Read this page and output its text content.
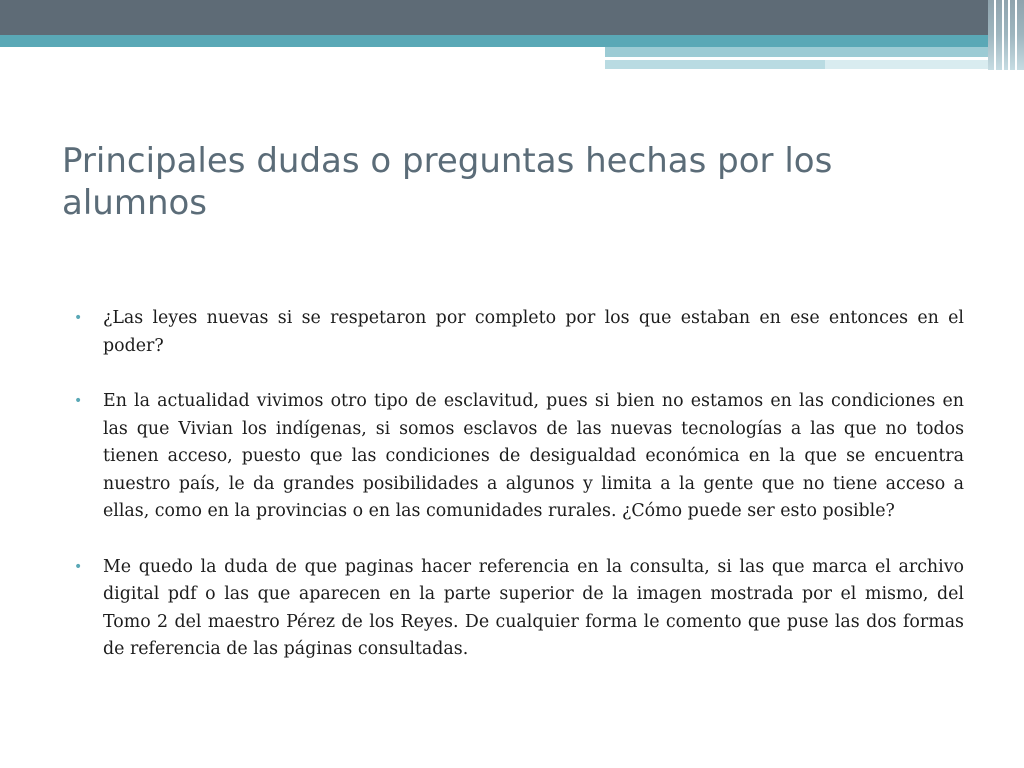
Principales dudas o preguntas hechas por los alumnos
• ¿Las leyes nuevas si se respetaron por completo por los que estaban en ese entonces en el poder?
• En la actualidad vivimos otro tipo de esclavitud, pues si bien no estamos en las condiciones en las que Vivian los indígenas, si somos esclavos de las nuevas tecnologías a las que no todos tienen acceso, puesto que las condiciones de desigualdad económica en la que se encuentra nuestro país, le da grandes posibilidades a algunos y limita a la gente que no tiene acceso a ellas, como en la provincias o en las comunidades rurales. ¿Cómo puede ser esto posible?
• Me quedo la duda de que paginas hacer referencia en la consulta, si las que marca el archivo digital pdf o las que aparecen en la parte superior de la imagen mostrada por el mismo, del Tomo 2 del maestro Pérez de los Reyes. De cualquier forma le comento que puse las dos formas de referencia de las páginas consultadas.
